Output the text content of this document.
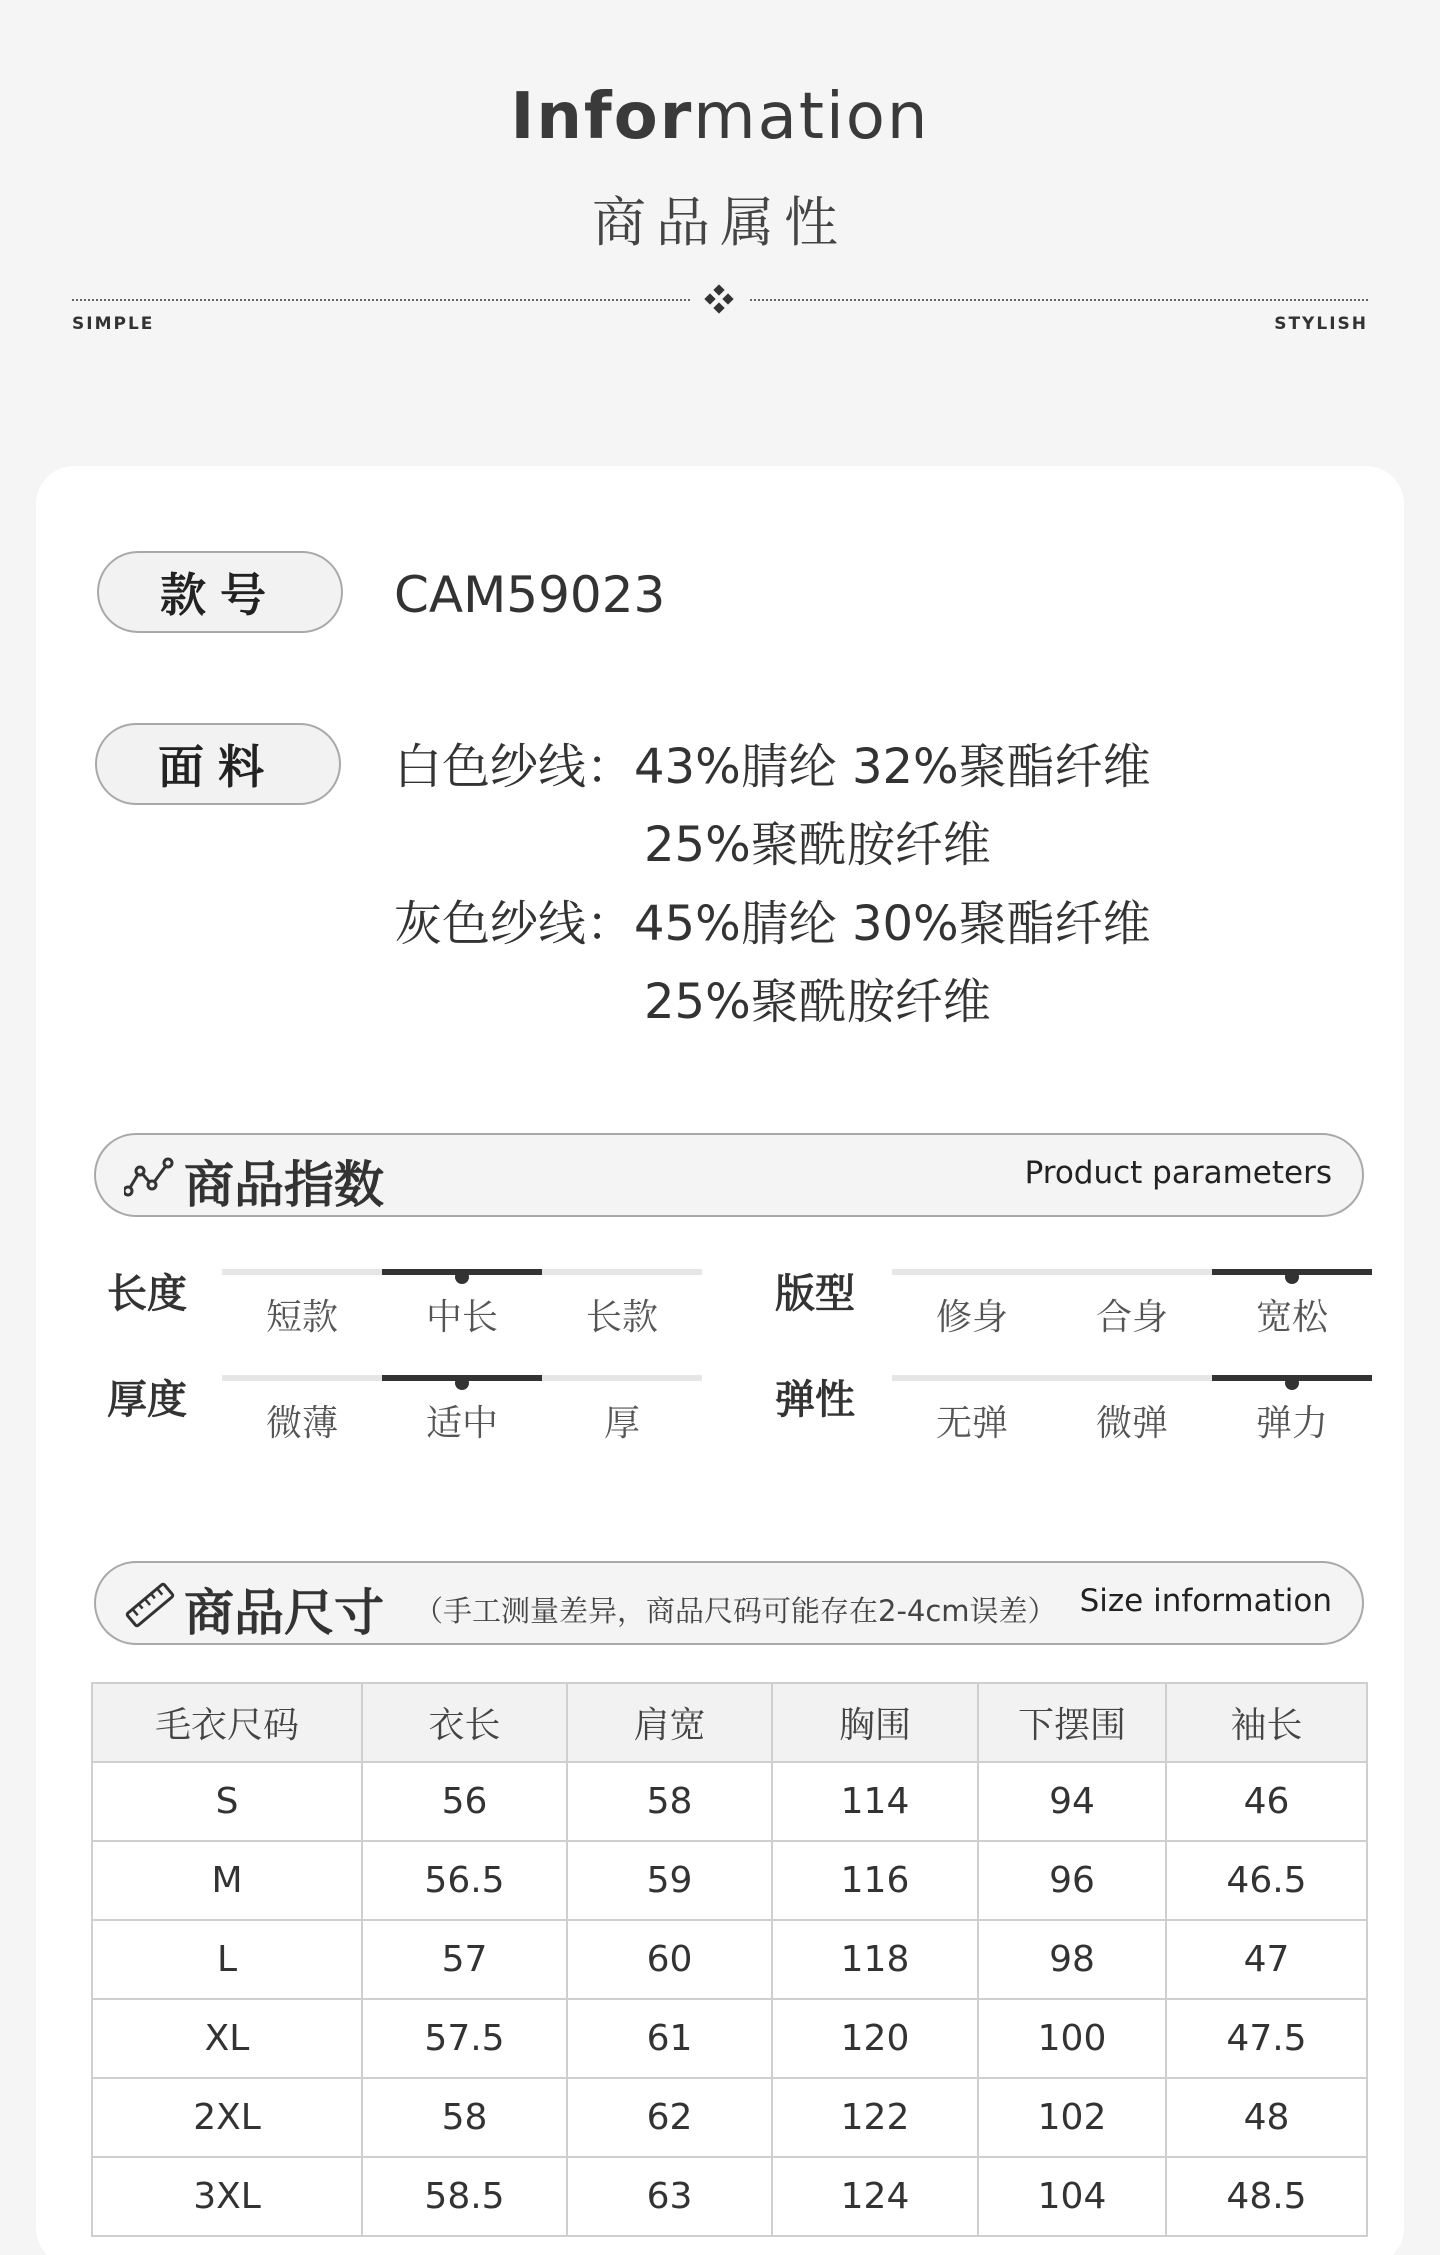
Information
商品属性
SIMPLE	STYLISH
款号	CAM59023
面料	白色纱线：43%腈纶 32%聚酯纤维
25%聚酰胺纤维
灰色纱线：45%腈纶 30%聚酯纤维
25%聚酰胺纤维
商品指数	Product parameters
长度
短款	中长	长款
版型
修身	合身	宽松
厚度
微薄	适中	厚
弹性
无弹	微弹	弹力
商品尺寸 （手工测量差异，商品尺码可能存在2-4cm误差） Size information
毛衣尺码	衣长	肩宽	胸围	下摆围	袖长
S	56	58	114	94	46
M	56.5	59	116	96	46.5
L	57	60	118	98	47
XL	57.5	61	120	100	47.5
2XL	58	62	122	102	48
3XL	58.5	63	124	104	48.5
